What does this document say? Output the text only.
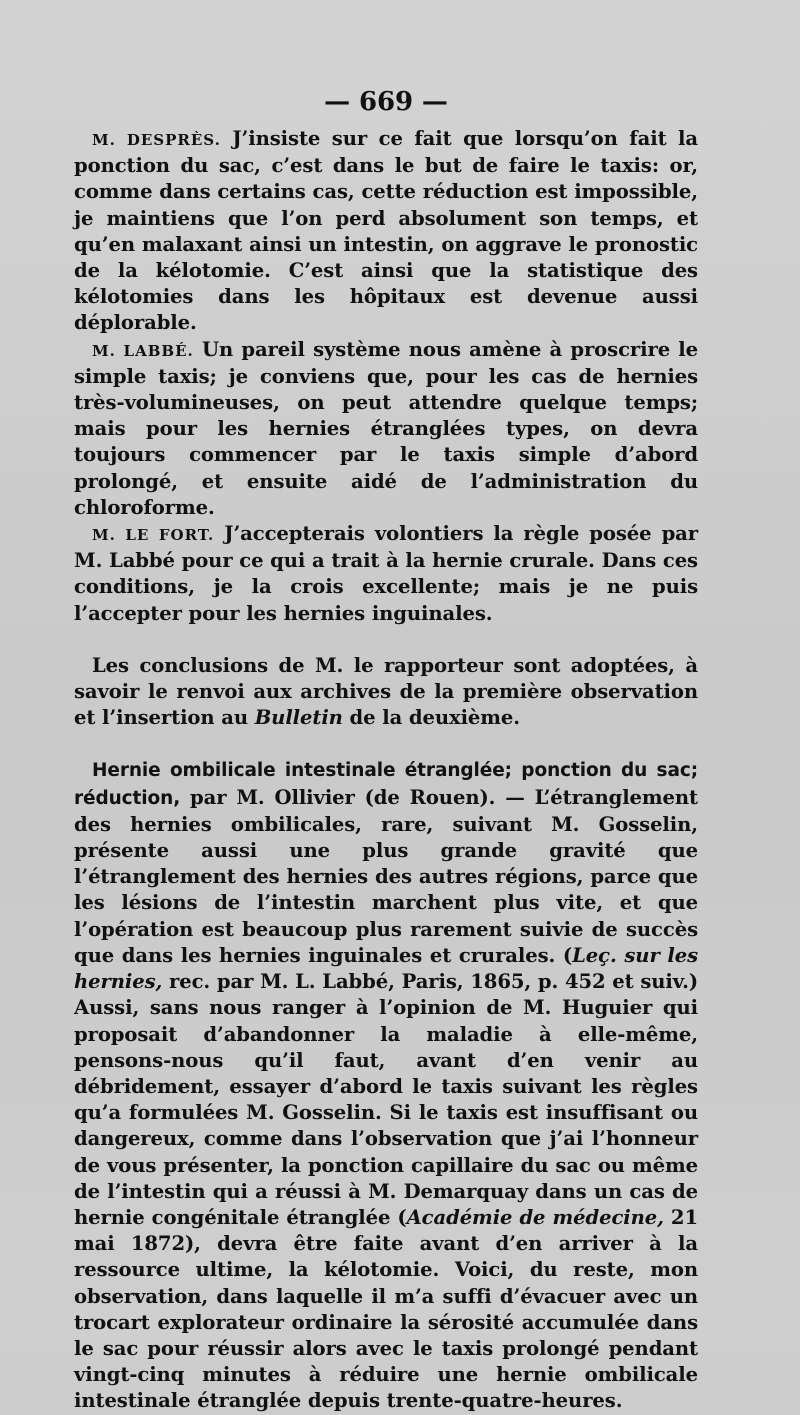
— 669 —

M. DESPRÈS. J’insiste sur ce fait que lorsqu’on fait la ponction du sac, c’est dans le but de faire le taxis: or, comme dans certains cas, cette réduction est impossible, je maintiens que l’on perd absolument son temps, et qu’en malaxant ainsi un intestin, on aggrave le pronostic de la kélotomie. C’est ainsi que la statistique des kélotomies dans les hôpitaux est devenue aussi déplorable.

M. LABBÉ. Un pareil système nous amène à proscrire le simple taxis; je conviens que, pour les cas de hernies très-volumineuses, on peut attendre quelque temps; mais pour les hernies étranglées types, on devra toujours commencer par le taxis simple d’abord prolongé, et ensuite aidé de l’administration du chloroforme.

M. LE FORT. J’accepterais volontiers la règle posée par M. Labbé pour ce qui a trait à la hernie crurale. Dans ces conditions, je la crois excellente; mais je ne puis l’accepter pour les hernies inguinales.

Les conclusions de M. le rapporteur sont adoptées, à savoir le renvoi aux archives de la première observation et l’insertion au Bulletin de la deuxième.

Hernie ombilicale intestinale étranglée; ponction du sac; réduction, par M. Ollivier (de Rouen). — L’étranglement des hernies ombilicales, rare, suivant M. Gosselin, présente aussi une plus grande gravité que l’étranglement des hernies des autres régions, parce que les lésions de l’intestin marchent plus vite, et que l’opération est beaucoup plus rarement suivie de succès que dans les hernies inguinales et crurales. (Leç. sur les hernies, rec. par M. L. Labbé, Paris, 1865, p. 452 et suiv.) Aussi, sans nous ranger à l’opinion de M. Huguier qui proposait d’abandonner la maladie à elle-même, pensons-nous qu’il faut, avant d’en venir au débridement, essayer d’abord le taxis suivant les règles qu’a formulées M. Gosselin. Si le taxis est insuffisant ou dangereux, comme dans l’observation que j’ai l’honneur de vous présenter, la ponction capillaire du sac ou même de l’intestin qui a réussi à M. Demarquay dans un cas de hernie congénitale étranglée (Académie de médecine, 21 mai 1872), devra être faite avant d’en arriver à la ressource ultime, la kélotomie. Voici, du reste, mon observation, dans laquelle il m’a suffi d’évacuer avec un trocart explorateur ordinaire la sérosité accumulée dans le sac pour réussir alors avec le taxis prolongé pendant vingt-cinq minutes à réduire une hernie ombilicale intestinale étranglée depuis trente-quatre-heures.
